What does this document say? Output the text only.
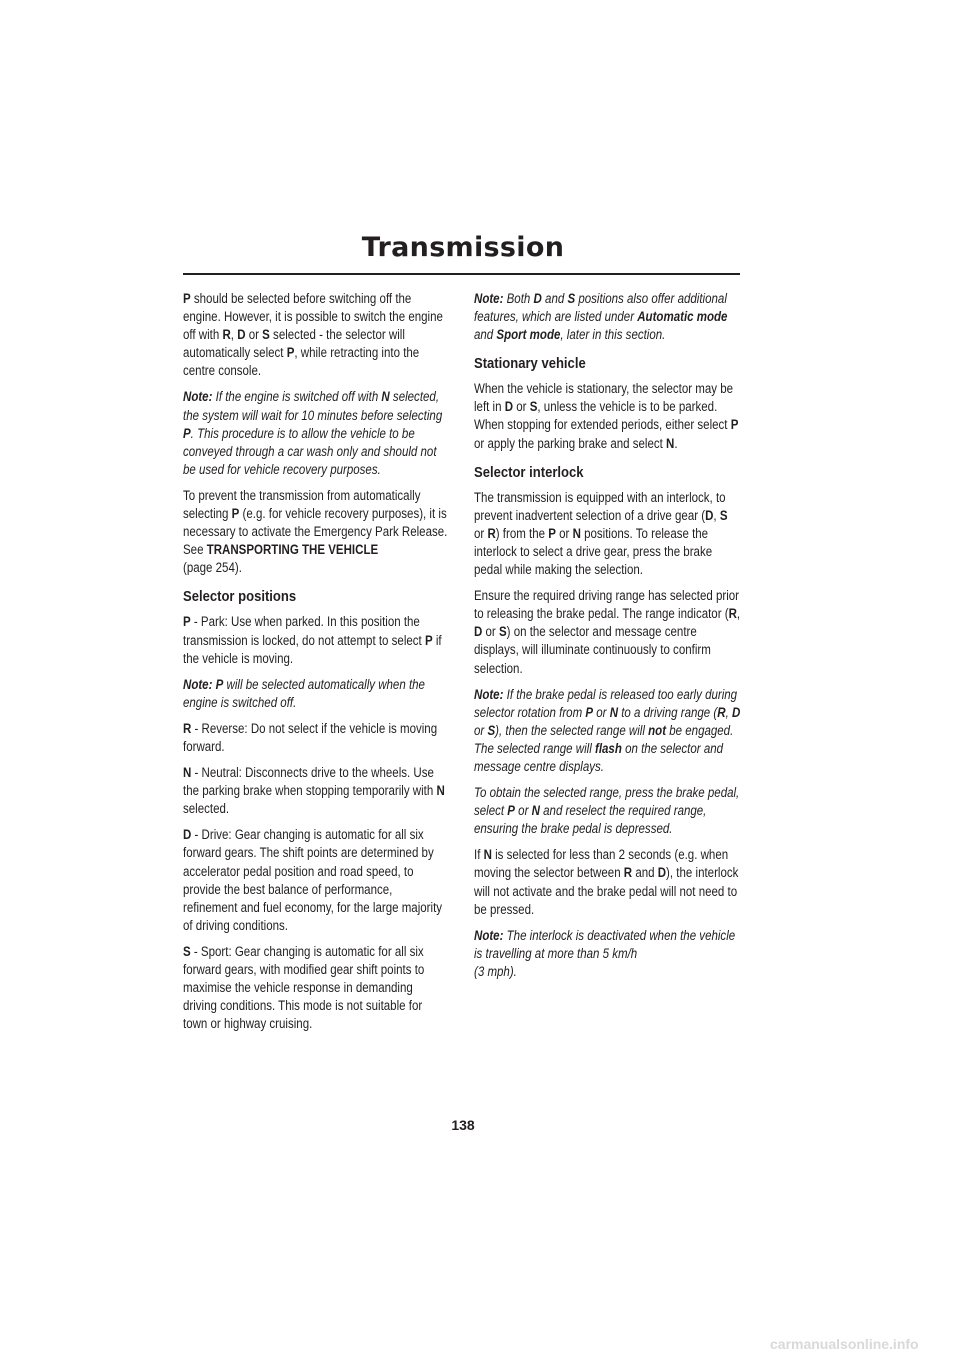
Transmission

P should be selected before switching off the engine. However, it is possible to switch the engine off with R, D or S selected - the selector will automatically select P, while retracting into the centre console.

Note: If the engine is switched off with N selected, the system will wait for 10 minutes before selecting P. This procedure is to allow the vehicle to be conveyed through a car wash only and should not be used for vehicle recovery purposes.

To prevent the transmission from automatically selecting P (e.g. for vehicle recovery purposes), it is necessary to activate the Emergency Park Release.
See TRANSPORTING THE VEHICLE
(page 254).

Selector positions

P - Park: Use when parked. In this position the transmission is locked, do not attempt to select P if the vehicle is moving.

Note: P will be selected automatically when the engine is switched off.

R - Reverse: Do not select if the vehicle is moving forward.

N - Neutral: Disconnects drive to the wheels. Use the parking brake when stopping temporarily with N selected.

D - Drive: Gear changing is automatic for all six forward gears. The shift points are determined by accelerator pedal position and road speed, to provide the best balance of performance, refinement and fuel economy, for the large majority of driving conditions.

S - Sport: Gear changing is automatic for all six forward gears, with modified gear shift points to maximise the vehicle response in demanding driving conditions. This mode is not suitable for town or highway cruising.

Note: Both D and S positions also offer additional features, which are listed under Automatic mode and Sport mode, later in this section.

Stationary vehicle

When the vehicle is stationary, the selector may be left in D or S, unless the vehicle is to be parked. When stopping for extended periods, either select P or apply the parking brake and select N.

Selector interlock

The transmission is equipped with an interlock, to prevent inadvertent selection of a drive gear (D, S or R) from the P or N positions. To release the interlock to select a drive gear, press the brake pedal while making the selection.

Ensure the required driving range has selected prior to releasing the brake pedal. The range indicator (R, D or S) on the selector and message centre displays, will illuminate continuously to confirm selection.

Note: If the brake pedal is released too early during selector rotation from P or N to a driving range (R, D or S), then the selected range will not be engaged. The selected range will flash on the selector and message centre displays.

To obtain the selected range, press the brake pedal, select P or N and reselect the required range, ensuring the brake pedal is depressed.

If N is selected for less than 2 seconds (e.g. when moving the selector between R and D), the interlock will not activate and the brake pedal will not need to be pressed.

Note: The interlock is deactivated when the vehicle is travelling at more than 5 km/h
(3 mph).

138
carmanualsonline.info
